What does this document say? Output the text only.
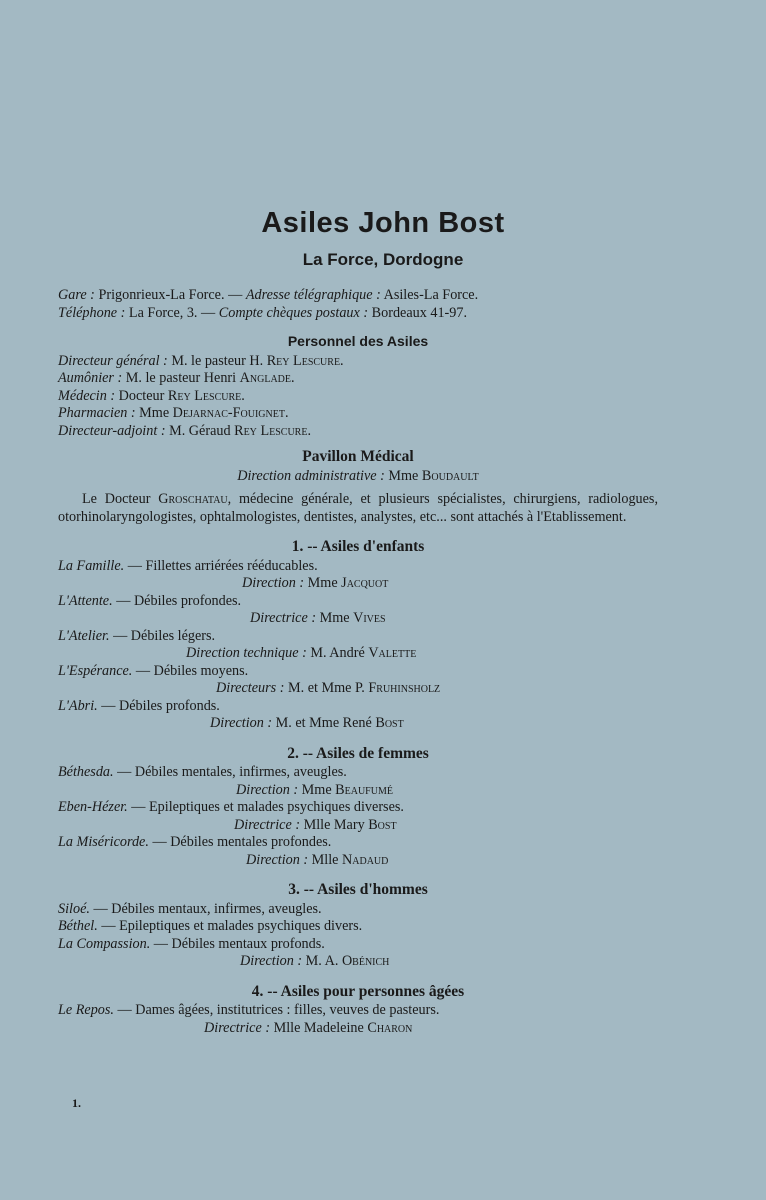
Asiles John Bost
La Force, Dordogne
Gare : Prigonrieux-La Force. — Adresse télégraphique : Asiles-La Force.
Téléphone : La Force, 3. — Compte chèques postaux : Bordeaux 41-97.
Personnel des Asiles
Directeur général : M. le pasteur H. Rey Lescure.
Aumônier : M. le pasteur Henri Anglade.
Médecin : Docteur Rey Lescure.
Pharmacien : Mme Dejarnac-Fouignet.
Directeur-adjoint : M. Géraud Rey Lescure.
Pavillon Médical
Direction administrative : Mme Boudault
Le Docteur Groschatau, médecine générale, et plusieurs spécialistes, chirurgiens, radiologues, otorhinolaryngologistes, ophtalmologistes, dentistes, analystes, etc... sont attachés à l'Etablissement.
1. -- Asiles d'enfants
La Famille. — Fillettes arriérées rééducables.
Direction : Mme Jacquot
L'Attente. — Débiles profondes.
Directrice : Mme Vives
L'Atelier. — Débiles légers.
Direction technique : M. André Valette
L'Espérance. — Débiles moyens.
Directeurs : M. et Mme P. Fruhinsholz
L'Abri. — Débiles profonds.
Direction : M. et Mme René Bost
2. -- Asiles de femmes
Béthesda. — Débiles mentales, infirmes, aveugles.
Direction : Mme Beaufumé
Eben-Hézer. — Epileptiques et malades psychiques diverses.
Directrice : Mlle Mary Bost
La Miséricorde. — Débiles mentales profondes.
Direction : Mlle Nadaud
3. -- Asiles d'hommes
Siloé. — Débiles mentaux, infirmes, aveugles.
Béthel. — Epileptiques et malades psychiques divers.
La Compassion. — Débiles mentaux profonds.
Direction : M. A. Obénich
4. -- Asiles pour personnes âgées
Le Repos. — Dames âgées, institutrices : filles, veuves de pasteurs.
Directrice : Mlle Madeleine Charon
1.
